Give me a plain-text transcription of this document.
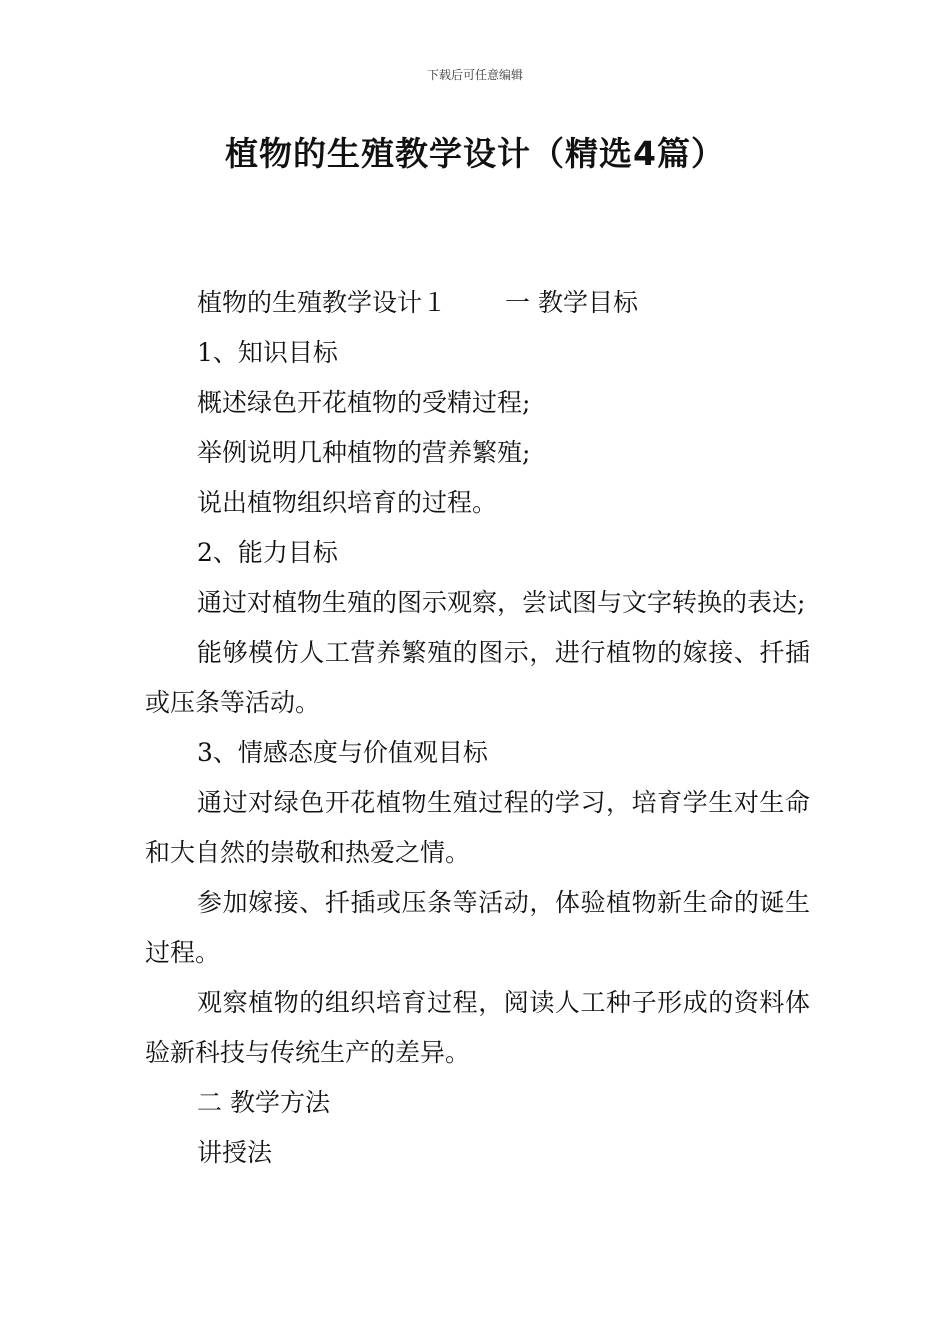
下载后可任意编辑
植物的生殖教学设计（精选4篇）

植物的生殖教学设计１ 一 教学目标

1、知识目标

概述绿色开花植物的受精过程;

举例说明几种植物的营养繁殖;

说出植物组织培育的过程。

2、能力目标

通过对植物生殖的图示观察，尝试图与文字转换的表达;

能够模仿人工营养繁殖的图示，进行植物的嫁接、扦插或压条等活动。

3、情感态度与价值观目标

通过对绿色开花植物生殖过程的学习，培育学生对生命和大自然的崇敬和热爱之情。

参加嫁接、扦插或压条等活动，体验植物新生命的诞生过程。

观察植物的组织培育过程，阅读人工种子形成的资料体验新科技与传统生产的差异。

二 教学方法

讲授法
